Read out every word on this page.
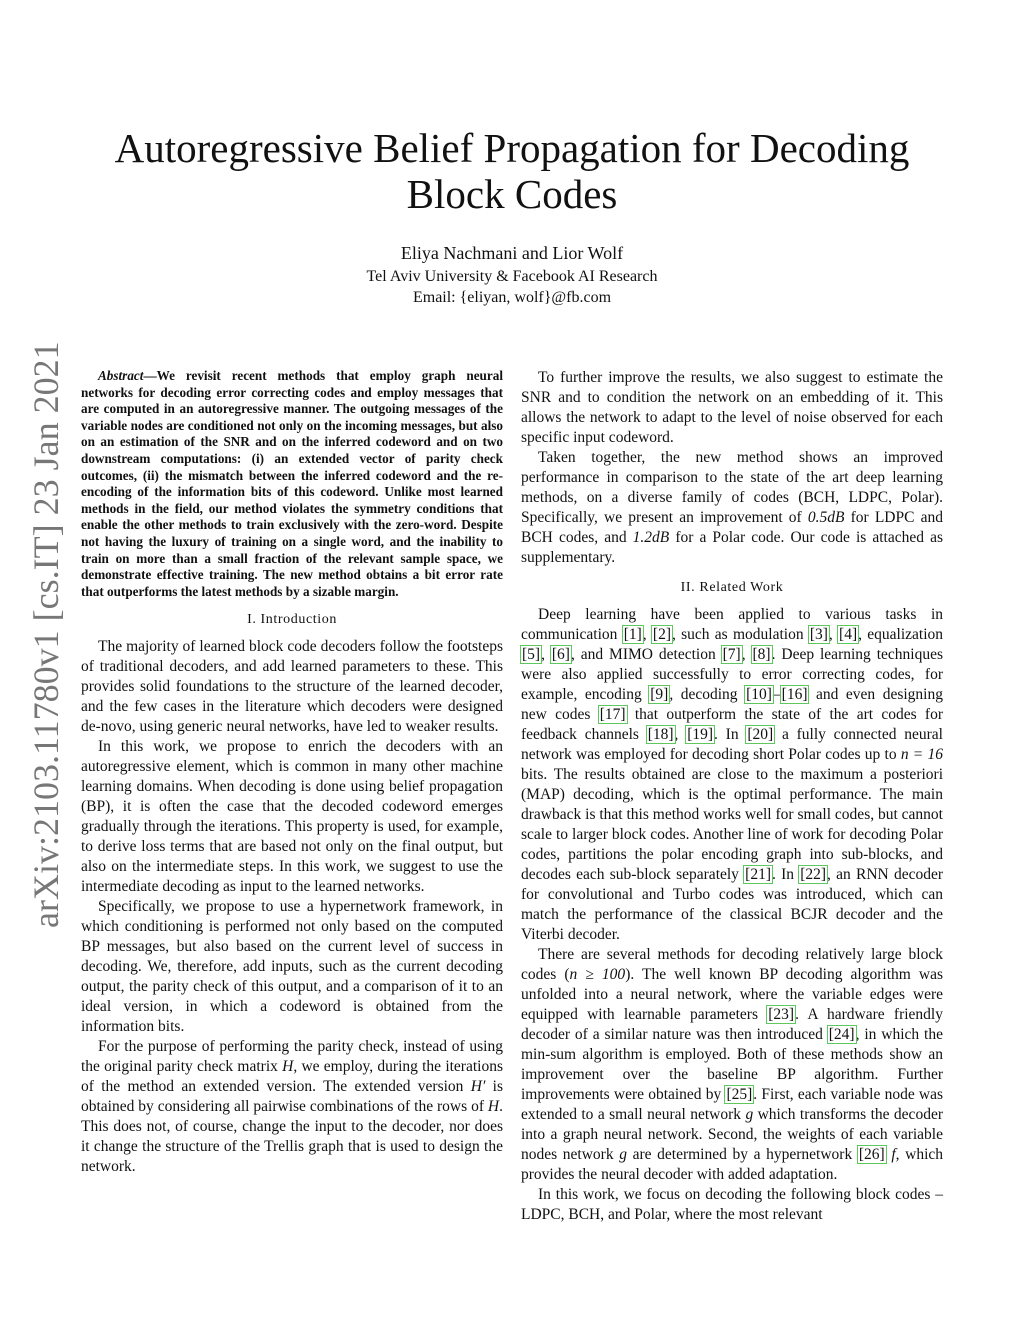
Autoregressive Belief Propagation for Decoding Block Codes
Eliya Nachmani and Lior Wolf
Tel Aviv University & Facebook AI Research
Email: {eliyan, wolf}@fb.com
arXiv:2103.11780v1 [cs.IT] 23 Jan 2021	Abstract—We revisit recent methods that employ graph neural networks for decoding error correcting codes and employ messages that are computed in an autoregressive manner. The outgoing messages of the variable nodes are conditioned not only on the incoming messages, but also on an estimation of the SNR and on the inferred codeword and on two downstream computations: (i) an extended vector of parity check outcomes, (ii) the mismatch between the inferred codeword and the re-encoding of the information bits of this codeword. Unlike most learned methods in the field, our method violates the symmetry conditions that enable the other methods to train exclusively with the zero-word. Despite not having the luxury of training on a single word, and the inability to train on more than a small fraction of the relevant sample space, we demonstrate effective training. The new method obtains a bit error rate that outperforms the latest methods by a sizable margin.
I. Introduction

The majority of learned block code decoders follow the footsteps of traditional decoders, and add learned parameters to these. This provides solid foundations to the structure of the learned decoder, and the few cases in the literature which decoders were designed de-novo, using generic neural networks, have led to weaker results.

In this work, we propose to enrich the decoders with an autoregressive element, which is common in many other machine learning domains. When decoding is done using belief propagation (BP), it is often the case that the decoded codeword emerges gradually through the iterations. This property is used, for example, to derive loss terms that are based not only on the final output, but also on the intermediate steps. In this work, we suggest to use the intermediate decoding as input to the learned networks.

Specifically, we propose to use a hypernetwork framework, in which conditioning is performed not only based on the computed BP messages, but also based on the current level of success in decoding. We, therefore, add inputs, such as the current decoding output, the parity check of this output, and a comparison of it to an ideal version, in which a codeword is obtained from the information bits.

For the purpose of performing the parity check, instead of using the original parity check matrix H, we employ, during the iterations of the method an extended version. The extended version H′ is obtained by considering all pairwise combinations of the rows of H. This does not, of course, change the input to the decoder, nor does it change the structure of the Trellis graph that is used to design the network.

To further improve the results, we also suggest to estimate the SNR and to condition the network on an embedding of it. This allows the network to adapt to the level of noise observed for each specific input codeword.

Taken together, the new method shows an improved performance in comparison to the state of the art deep learning methods, on a diverse family of codes (BCH, LDPC, Polar). Specifically, we present an improvement of 0.5dB for LDPC and BCH codes, and 1.2dB for a Polar code. Our code is attached as supplementary.

II. Related Work

Deep learning have been applied to various tasks in communication [1], [2], such as modulation [3], [4], equalization [5], [6], and MIMO detection [7], [8]. Deep learning techniques were also applied successfully to error correcting codes, for example, encoding [9], decoding [10]–[16] and even designing new codes [17] that outperform the state of the art codes for feedback channels [18], [19]. In [20] a fully connected neural network was employed for decoding short Polar codes up to n = 16 bits. The results obtained are close to the maximum a posteriori (MAP) decoding, which is the optimal performance. The main drawback is that this method works well for small codes, but cannot scale to larger block codes. Another line of work for decoding Polar codes, partitions the polar encoding graph into sub-blocks, and decodes each sub-block separately [21]. In [22], an RNN decoder for convolutional and Turbo codes was introduced, which can match the performance of the classical BCJR decoder and the Viterbi decoder.

There are several methods for decoding relatively large block codes (n ≥ 100). The well known BP decoding algorithm was unfolded into a neural network, where the variable edges were equipped with learnable parameters [23]. A hardware friendly decoder of a similar nature was then introduced [24], in which the min-sum algorithm is employed. Both of these methods show an improvement over the baseline BP algorithm. Further improvements were obtained by [25]. First, each variable node was extended to a small neural network g which transforms the decoder into a graph neural network. Second, the weights of each variable nodes network g are determined by a hypernetwork [26] f, which provides the neural decoder with added adaptation.

In this work, we focus on decoding the following block codes – LDPC, BCH, and Polar, where the most relevant
